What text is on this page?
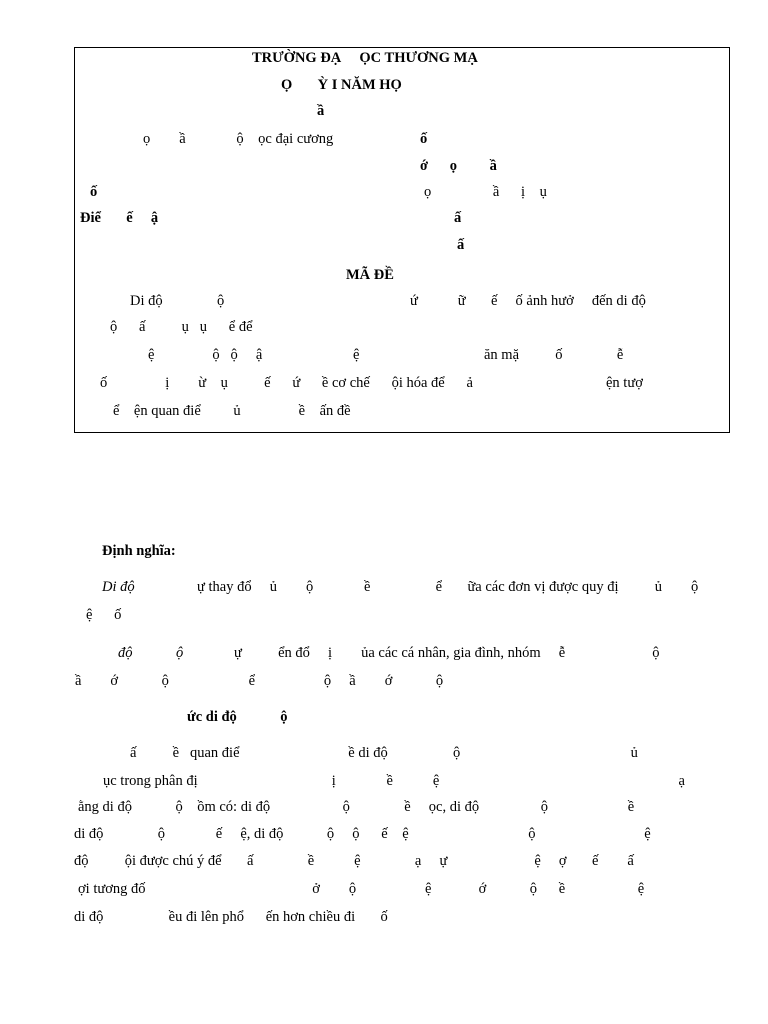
TRƯỜNG ĐẠ     ỌC THƯƠNG MẠ
Ọ       Ỳ I NĂM HỌ
ầ
ọ        ầ              ộ    ọc đại cương	ố
ớ      ọ         ầ
ố	ọ                 ầ      ị    ụ
Điể       ế     ậ	ấ
ấ
MÃ ĐỀ
Di độ               ộ	ứ           ữ       ế     ố ảnh hưở     đến di độ
ộ      ấ          ụ   ụ      ể để
ệ                ộ   ộ     ậ                         ệ	ăn mặ          ố               ễ
ố                ị        ừ    ụ          ế      ứ      ề cơ chế      ội hóa để      ả	ện tượ
ể    ện quan điể         ủ                ề    ấn đề
Định nghĩa:
Di độ	ự thay đổ     ủ        ộ              ề                  ể       ữa các đơn vị được quy đị          ủ        ộ
ệ      ố
độ            ộ	ự          ển đổ     ị        ủa các cá nhân, gia đình, nhóm     ễ                        ộ
ầ        ớ            ộ                      ể                   ộ     ầ        ớ            ộ
ức di độ            ộ
ấ          ề   quan điể                              ề di độ                  ộ                                               ủ
ục trong phân đị                                     ị              ề           ệ                                                                  ạ
ằng di độ            ộ    ồm có: di độ                    ộ               ề     ọc, di độ                 ộ                      ề
di độ               ộ              ế     ệ, di độ            ộ     ộ      ế    ệ                                 ộ                              ệ
độ          ội được chú ý để       ấ               ề           ệ               ạ     ự                        ệ     ợ       ế        ấ
ợi tương đố                                              ở        ộ                   ệ             ớ            ộ      ề                    ệ
di độ                  ều đi lên phổ      ến hơn chiều đi       ố
